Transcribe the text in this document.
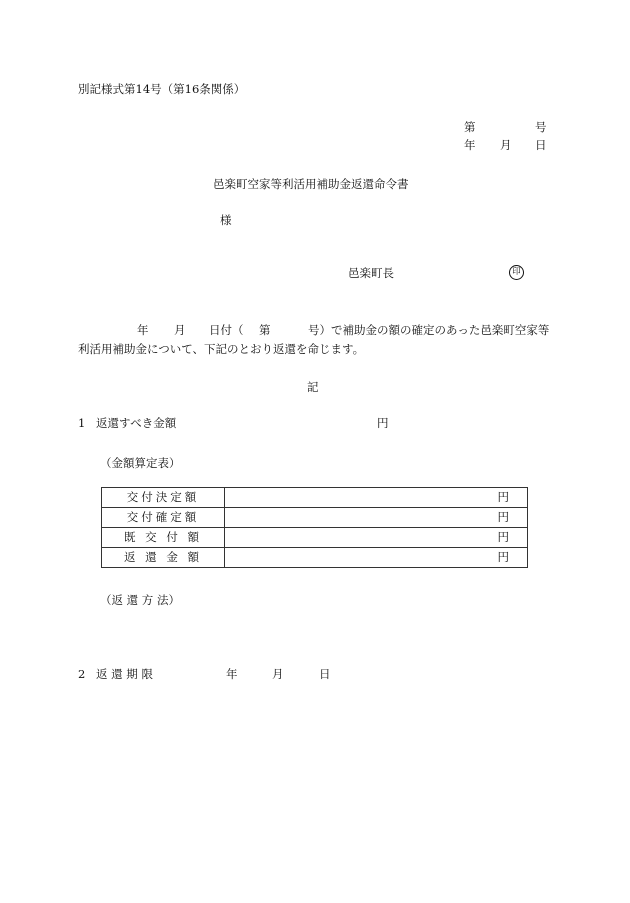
別記様式第14号（第16条関係）
第	号
年 月 日
邑楽町空家等利活用補助金返還命令書
様
邑楽町長	印
年 月 日付（ 第	号）で補助金の額の確定のあった邑楽町空家等
利活用補助金について、下記のとおり返還を命じます。
記
1 返還すべき金額	円
（金額算定表）
交付決定額	円
交付確定額	円
既 交 付 額	円
返 還 金 額	円
（返 還 方 法）
2 返 還 期 限	年	月	日
